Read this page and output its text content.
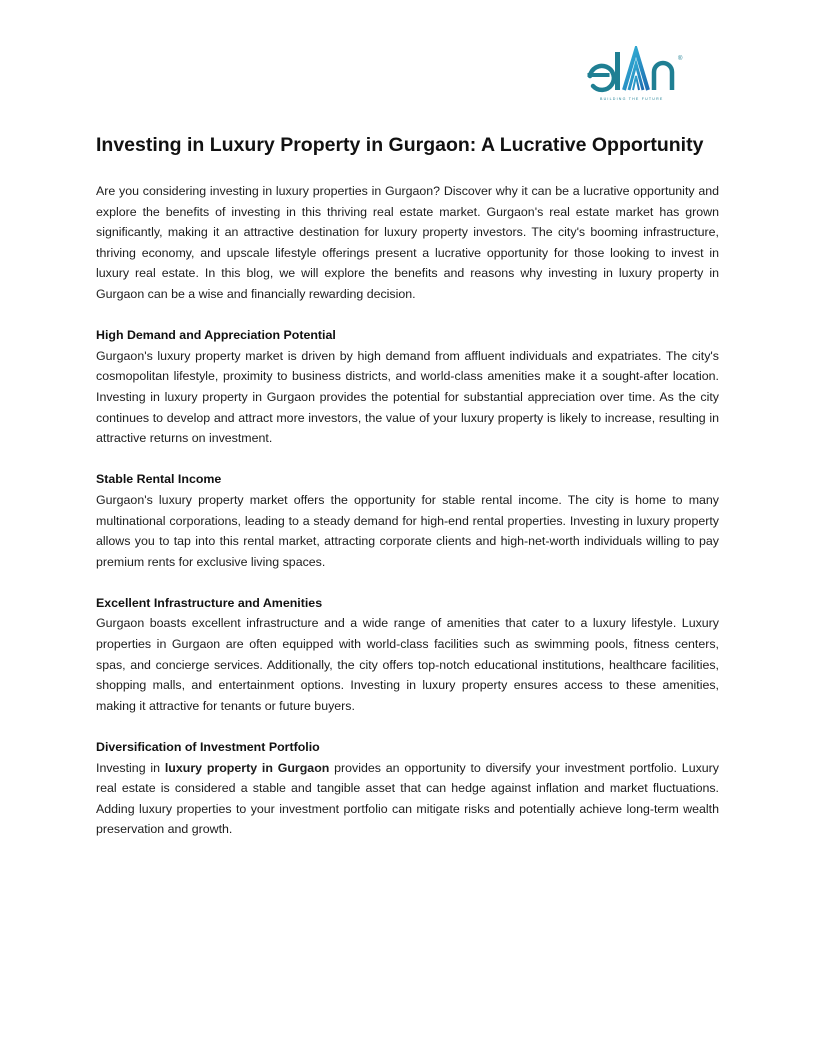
®
BUILDING THE FUTURE
Investing in Luxury Property in Gurgaon: A Lucrative Opportunity

Are you considering investing in luxury properties in Gurgaon? Discover why it can be a lucrative opportunity and explore the benefits of investing in this thriving real estate market. Gurgaon's real estate market has grown significantly, making it an attractive destination for luxury property investors. The city's booming infrastructure, thriving economy, and upscale lifestyle offerings present a lucrative opportunity for those looking to invest in luxury real estate. In this blog, we will explore the benefits and reasons why investing in luxury property in Gurgaon can be a wise and financially rewarding decision.

High Demand and Appreciation Potential

Gurgaon's luxury property market is driven by high demand from affluent individuals and expatriates. The city's cosmopolitan lifestyle, proximity to business districts, and world-class amenities make it a sought-after location. Investing in luxury property in Gurgaon provides the potential for substantial appreciation over time. As the city continues to develop and attract more investors, the value of your luxury property is likely to increase, resulting in attractive returns on investment.

Stable Rental Income

Gurgaon's luxury property market offers the opportunity for stable rental income. The city is home to many multinational corporations, leading to a steady demand for high-end rental properties. Investing in luxury property allows you to tap into this rental market, attracting corporate clients and high-net-worth individuals willing to pay premium rents for exclusive living spaces.

Excellent Infrastructure and Amenities

Gurgaon boasts excellent infrastructure and a wide range of amenities that cater to a luxury lifestyle. Luxury properties in Gurgaon are often equipped with world-class facilities such as swimming pools, fitness centers, spas, and concierge services. Additionally, the city offers top-notch educational institutions, healthcare facilities, shopping malls, and entertainment options. Investing in luxury property ensures access to these amenities, making it attractive for tenants or future buyers.

Diversification of Investment Portfolio

Investing in luxury property in Gurgaon provides an opportunity to diversify your investment portfolio. Luxury real estate is considered a stable and tangible asset that can hedge against inflation and market fluctuations. Adding luxury properties to your investment portfolio can mitigate risks and potentially achieve long-term wealth preservation and growth.
